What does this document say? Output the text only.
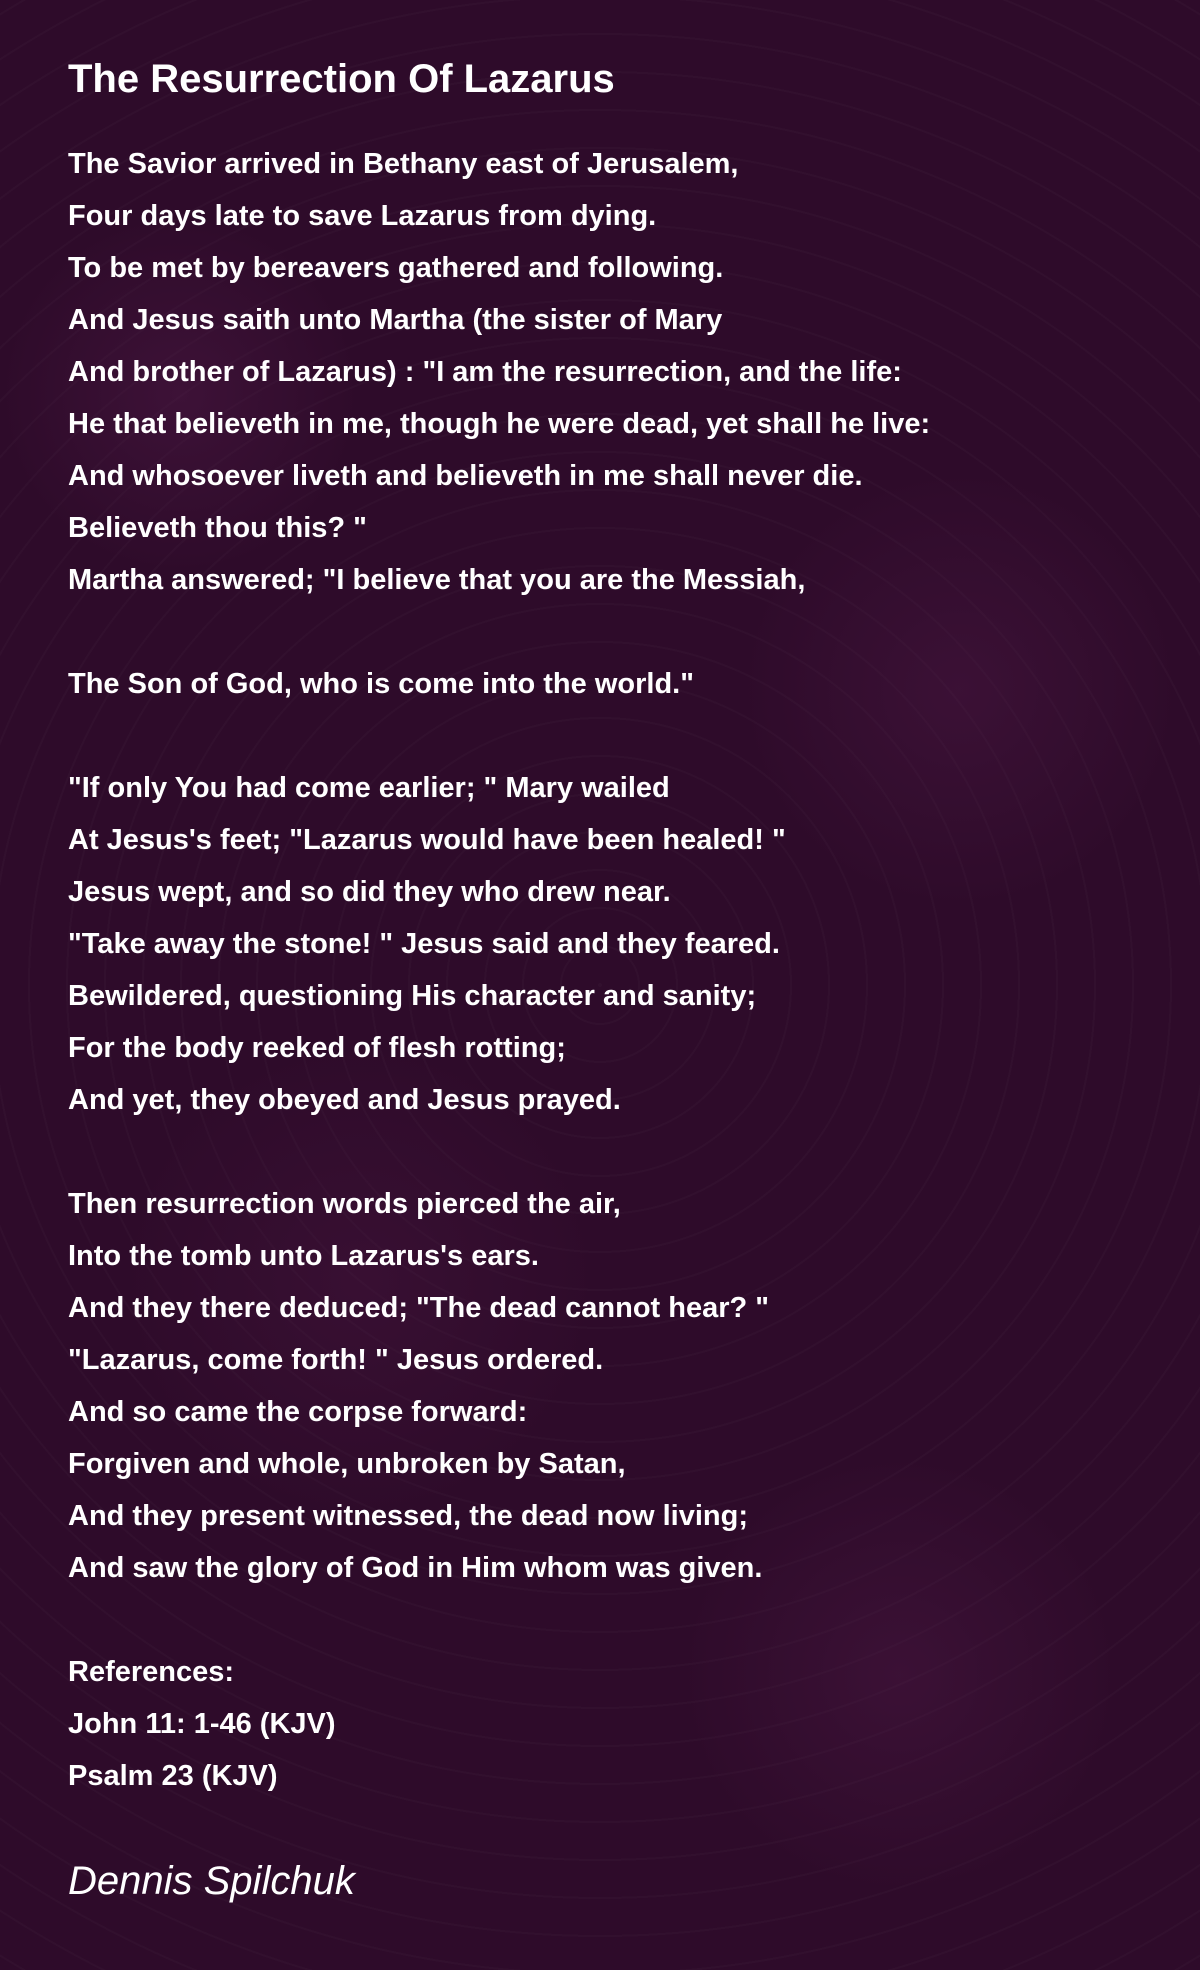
The Resurrection Of Lazarus
The Savior arrived in Bethany east of Jerusalem,
Four days late to save Lazarus from dying.
To be met by bereavers gathered and following.
And Jesus saith unto Martha (the sister of Mary
And brother of Lazarus) : "I am the resurrection, and the life:
He that believeth in me, though he were dead, yet shall he live:
And whosoever liveth and believeth in me shall never die.
Believeth thou this? "
Martha answered; "I believe that you are the Messiah,
The Son of God, who is come into the world."
"If only You had come earlier; " Mary wailed
At Jesus's feet; "Lazarus would have been healed! "
Jesus wept, and so did they who drew near.
"Take away the stone! " Jesus said and they feared.
Bewildered, questioning His character and sanity;
For the body reeked of flesh rotting;
And yet, they obeyed and Jesus prayed.
Then resurrection words pierced the air,
Into the tomb unto Lazarus's ears.
And they there deduced; "The dead cannot hear? "
"Lazarus, come forth! " Jesus ordered.
And so came the corpse forward:
Forgiven and whole, unbroken by Satan,
And they present witnessed, the dead now living;
And saw the glory of God in Him whom was given.
References:
John 11: 1-46 (KJV)
Psalm 23 (KJV)
Dennis Spilchuk
